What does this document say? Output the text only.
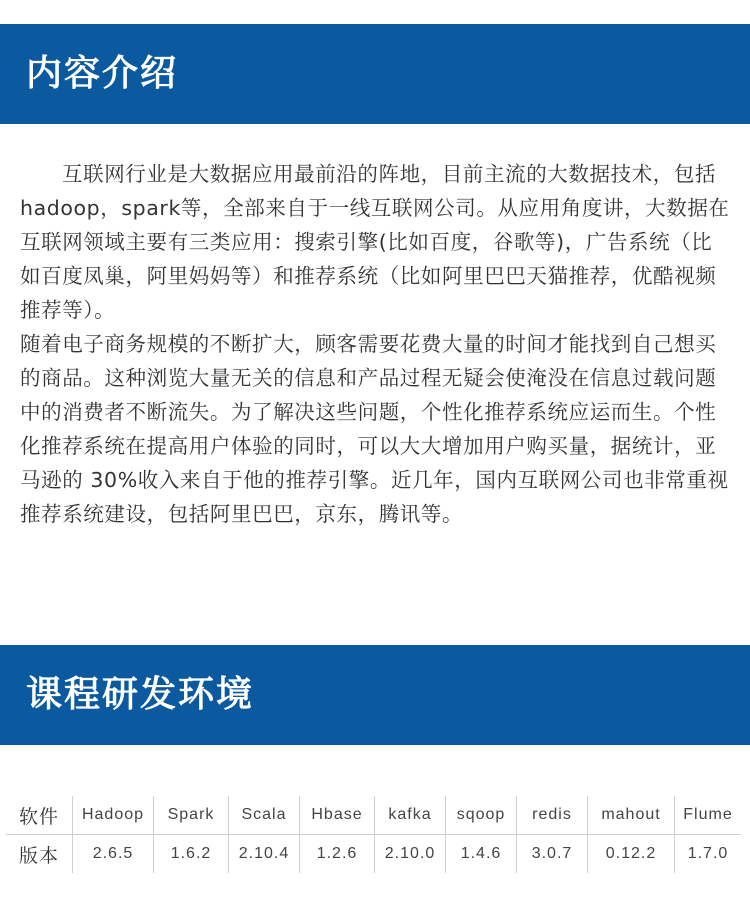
内容介绍

互联网行业是大数据应用最前沿的阵地，目前主流的大数据技术，包括 hadoop，spark等，全部来自于一线互联网公司。从应用角度讲，大数据在互联网领域主要有三类应用：搜索引擎(比如百度，谷歌等)，广告系统（比如百度凤巢，阿里妈妈等）和推荐系统（比如阿里巴巴天猫推荐，优酷视频推荐等）。

随着电子商务规模的不断扩大，顾客需要花费大量的时间才能找到自己想买的商品。这种浏览大量无关的信息和产品过程无疑会使淹没在信息过载问题中的消费者不断流失。为了解决这些问题，个性化推荐系统应运而生。个性化推荐系统在提高用户体验的同时，可以大大增加用户购买量，据统计，亚马逊的 30%收入来自于他的推荐引擎。近几年，国内互联网公司也非常重视推荐系统建设，包括阿里巴巴，京东，腾讯等。

课程研发环境
软件	Hadoop	Spark	Scala	Hbase	kafka	sqoop	redis	mahout	Flume
版本	2.6.5	1.6.2	2.10.4	1.2.6	2.10.0	1.4.6	3.0.7	0.12.2	1.7.0
